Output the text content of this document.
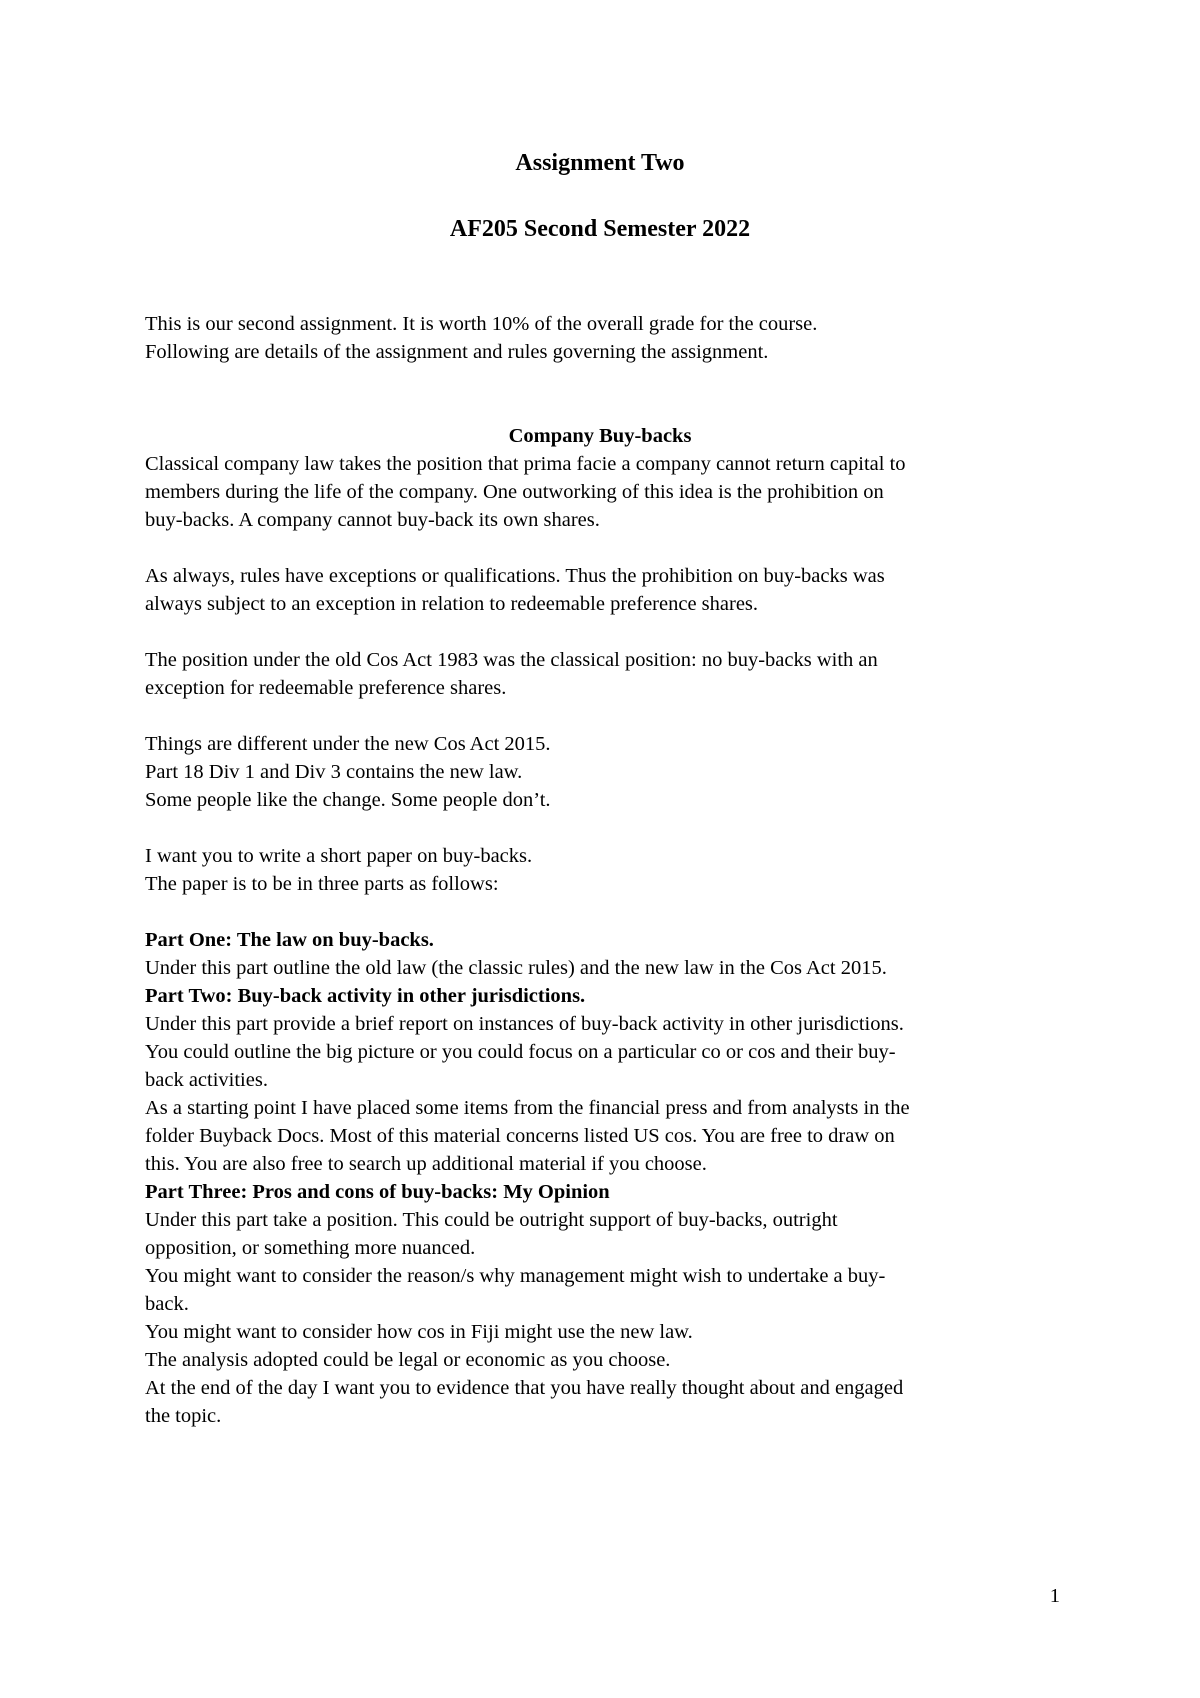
Assignment Two
AF205 Second Semester 2022

This is our second assignment. It is worth 10% of the overall grade for the course.

Following are details of the assignment and rules governing the assignment.

Company Buy-backs

Classical company law takes the position that prima facie a company cannot return capital to

members during the life of the company. One outworking of this idea is the prohibition on

buy-backs. A company cannot buy-back its own shares.

As always, rules have exceptions or qualifications. Thus the prohibition on buy-backs was

always subject to an exception in relation to redeemable preference shares.

The position under the old Cos Act 1983 was the classical position: no buy-backs with an

exception for redeemable preference shares.

Things are different under the new Cos Act 2015.

Part 18 Div 1 and Div 3 contains the new law.

Some people like the change. Some people don’t.

I want you to write a short paper on buy-backs.

The paper is to be in three parts as follows:

Part One: The law on buy-backs.

Under this part outline the old law (the classic rules) and the new law in the Cos Act 2015.

Part Two: Buy-back activity in other jurisdictions.

Under this part provide a brief report on instances of buy-back activity in other jurisdictions.

You could outline the big picture or you could focus on a particular co or cos and their buy-

back activities.

As a starting point I have placed some items from the financial press and from analysts in the

folder Buyback Docs. Most of this material concerns listed US cos. You are free to draw on

this. You are also free to search up additional material if you choose.

Part Three: Pros and cons of buy-backs: My Opinion

Under this part take a position. This could be outright support of buy-backs, outright

opposition, or something more nuanced.

You might want to consider the reason/s why management might wish to undertake a buy-

back.

You might want to consider how cos in Fiji might use the new law.

The analysis adopted could be legal or economic as you choose.

At the end of the day I want you to evidence that you have really thought about and engaged

the topic.

1
